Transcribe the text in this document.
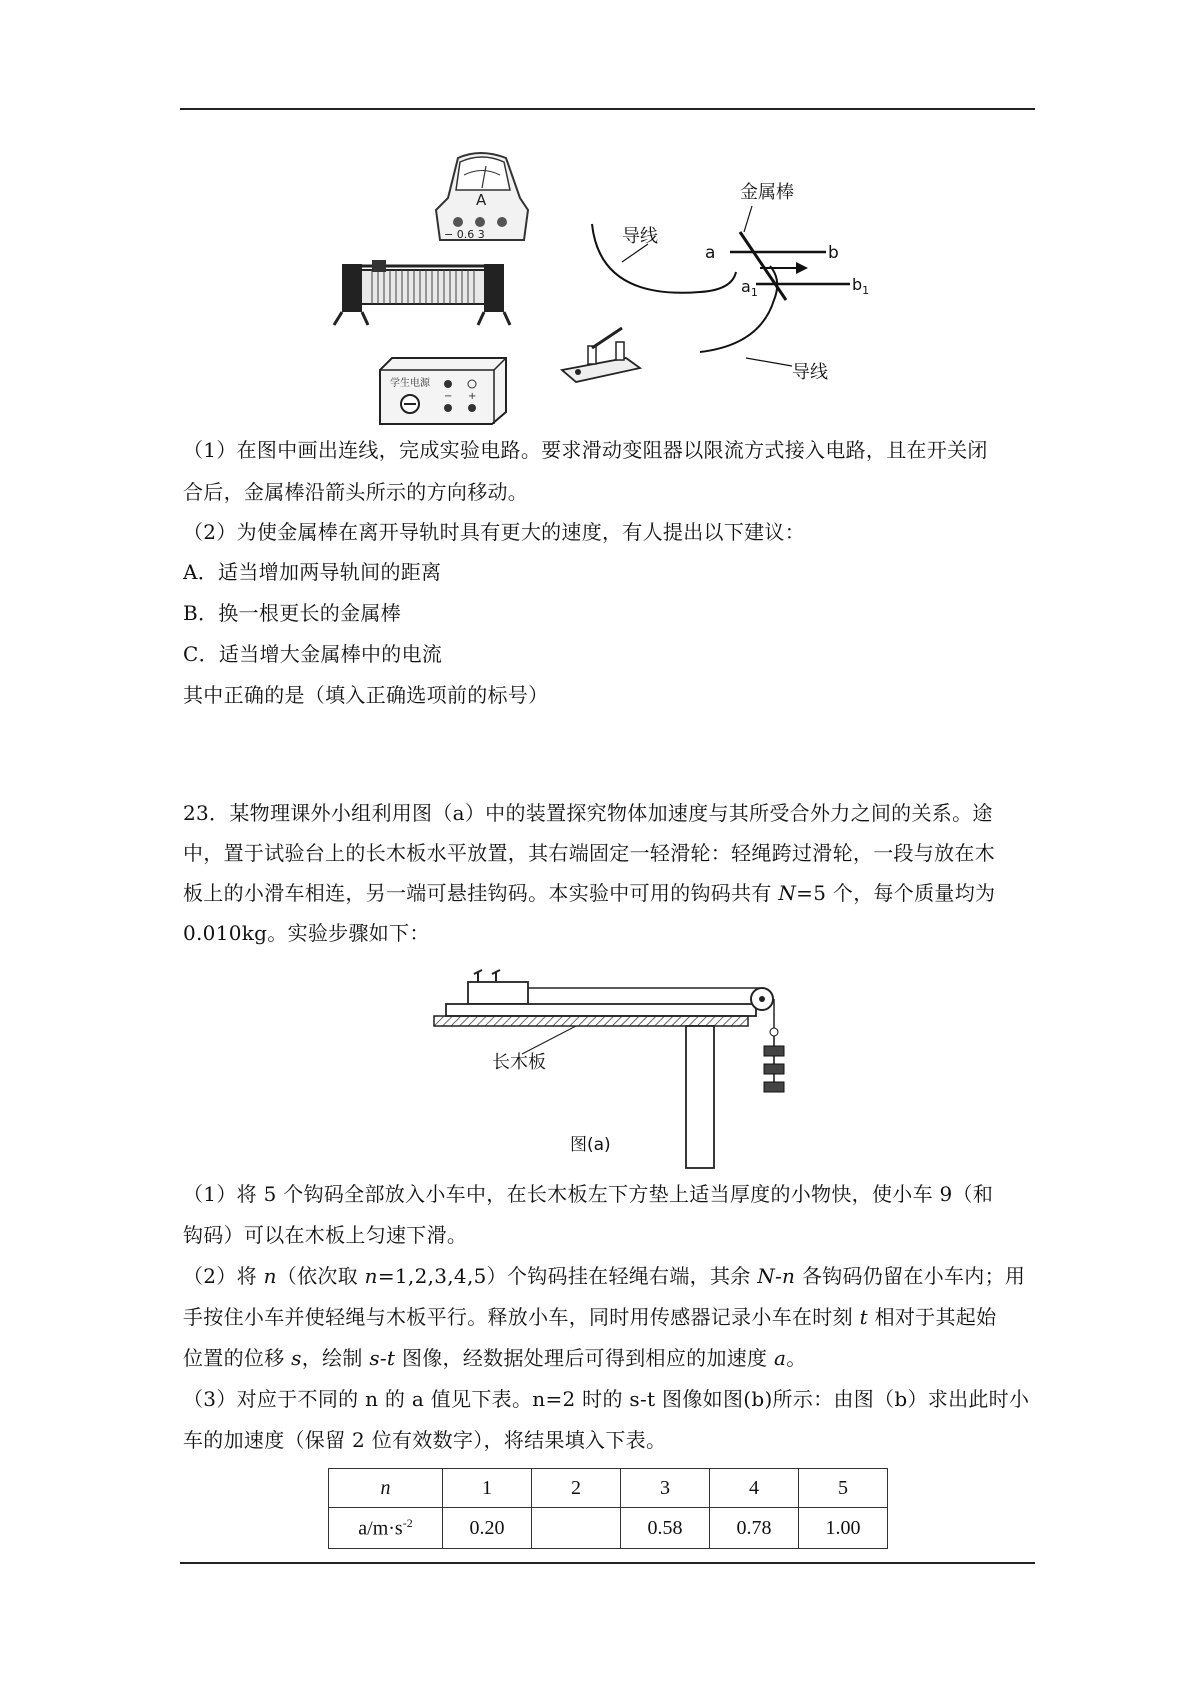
A
− 0.6 3
学生电源
− +
金属棒
导线
导线
a	b
$a_1$	$b_1$
（1）在图中画出连线，完成实验电路。要求滑动变阻器以限流方式接入电路，且在开关闭
合后，金属棒沿箭头所示的方向移动。
（2）为使金属棒在离开导轨时具有更大的速度，有人提出以下建议：
A．适当增加两导轨间的距离
B．换一根更长的金属棒
C．适当增大金属棒中的电流
其中正确的是（填入正确选项前的标号）
23．某物理课外小组利用图（a）中的装置探究物体加速度与其所受合外力之间的关系。途
中，置于试验台上的长木板水平放置，其右端固定一轻滑轮：轻绳跨过滑轮，一段与放在木
板上的小滑车相连，另一端可悬挂钩码。本实验中可用的钩码共有 N=5 个，每个质量均为
0.010kg。实验步骤如下：
长木板
图(a)
（1）将 5 个钩码全部放入小车中，在长木板左下方垫上适当厚度的小物快，使小车 9（和
钩码）可以在木板上匀速下滑。
（2）将 n（依次取 n=1,2,3,4,5）个钩码挂在轻绳右端，其余 N-n 各钩码仍留在小车内；用
手按住小车并使轻绳与木板平行。释放小车，同时用传感器记录小车在时刻 t 相对于其起始
位置的位移 s，绘制 s-t 图像，经数据处理后可得到相应的加速度 a。
（3）对应于不同的 n 的 a 值见下表。n=2 时的 s-t 图像如图(b)所示：由图（b）求出此时小
车的加速度（保留 2 位有效数字），将结果填入下表。
n	1	2	3	4	5
$a/m\cdot s^{-2}$	0.20		0.58	0.78	1.00
